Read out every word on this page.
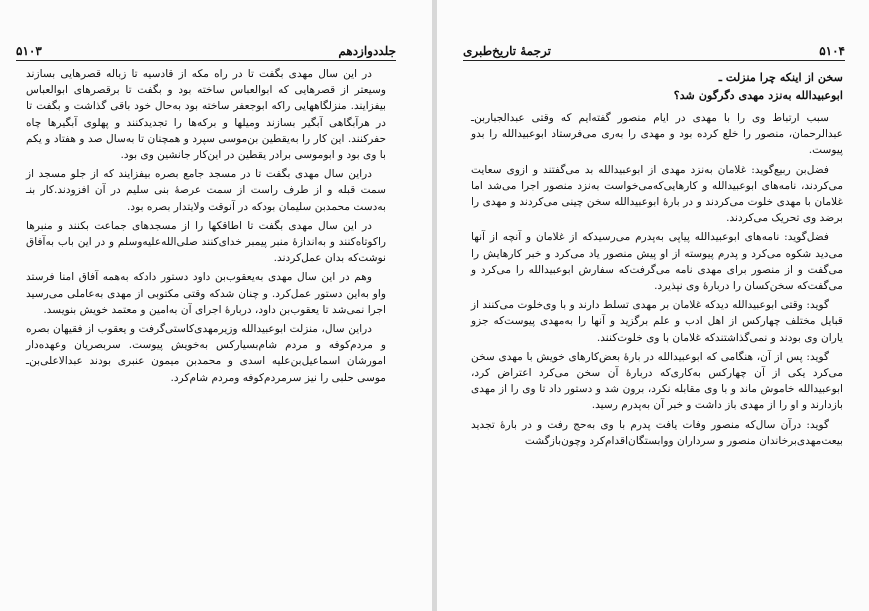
جلددوازدهم
۵۱۰۳

در این سال مهدی بگفت تا در راه مکه از قادسیه تا زباله قصرهایی بسازند وسیعتر از قصرهایی که ابوالعباس ساخته بود و بگفت تا برقصرهای ابوالعباس بیفزایند. منزلگاههایی راکه ابوجعفر ساخته بود به‌حال خود باقی گذاشت و بگفت تا در هرآبگاهی آبگیر بسازند ومیلها و برکه‌ها را تجدیدکنند و پهلوی آبگیرها چاه حفرکنند. این کار را به‌یقطین بن‌موسی سپرد و همچنان تا به‌سال صد و هفتاد و یکم با وی بود و ابوموسی برادر یقطین در این‌کار جانشین وی بود.

دراین سال مهدی بگفت تا در مسجد جامع بصره بیفزایند که از جلو مسجد از سمت قبله و از طرف راست از سمت عرصهٔ بنی سلیم در آن افزودند.کار بنـ به‌دست محمدبن سلیمان بودکه در آنوقت ولایتدار بصره بود.

در این سال مهدی بگفت تا اطاقکها را از مسجدهای جماعت بکنند و منبرها راکوتاه‌کنند و به‌اندازهٔ منبر پیمبر خدای‌کنند صلی‌الله‌علیه‌وسلم و در این باب به‌آفاق نوشت‌که بدان عمل‌کردند.

وهم در این سال مهدی به‌یعقوب‌بن داود دستور دادکه به‌همه آفاق امنا فرستد واو به‌این دستور عمل‌کرد. و چنان شدکه وقتی مکتوبی از مهدی به‌عاملی می‌رسید اجرا نمی‌شد تا یعقوب‌بن داود، دربارهٔ اجرای آن به‌امین و معتمد خویش بنویسد.

دراین سال، منزلت ابوعبیدالله وزیرمهدی‌کاستی‌گرفت و یعقوب از فقیهان بصره و مردم‌کوفه و مردم شام‌بسیارکس به‌خویش پیوست. سربصریان وعهده‌دار امورشان اسماعیل‌بن‌علیه اسدی و محمدبن میمون عنبری بودند عبدالاعلی‌بن‌ـ موسی حلبی را نیز سرمردم‌کوفه ومردم شام‌کرد.

۵۱۰۴
ترجمهٔ تاریخ‌طبری
سخن از اینکه چرا منزلت ـ
ابوعبیدالله به‌نزد مهدی دگرگون شد؟

سبب ارتباط وی را با مهدی در ایام منصور گفته‌ایم که وقتی عبدالجباربن‌ـ عبدالرحمان، منصور را خلع کرده بود و مهدی را به‌ری می‌فرستاد ابوعبیدالله را بدو پیوست.

فضل‌بن ربیع‌گوید: غلامان به‌نزد مهدی از ابوعبیدالله بد می‌گفتند و ازوی سعایت می‌کردند، نامه‌های ابوعبیدالله و کارهایی‌که‌می‌خواست به‌نزد منصور اجرا می‌شد اما غلامان با مهدی خلوت می‌کردند و در بارهٔ ابوعبیدالله سخن چینی می‌کردند و مهدی را برضد وی تحریک می‌کردند.

فضل‌گوید: نامه‌های ابوعبیدالله پیاپی به‌پدرم می‌رسیدکه از غلامان و آنچه از آنها می‌دید شکوه می‌کرد و پدرم پیوسته از او پیش منصور یاد می‌کرد و خبر کارهایش را می‌گفت و از منصور برای مهدی نامه می‌گرفت‌که سفارش ابوعبیدالله را می‌کرد و می‌گفت‌که سخن‌کسان را دربارهٔ وی نپذیرد.

گوید: وقتی ابوعبیدالله دیدکه غلامان بر مهدی تسلط دارند و با وی‌خلوت می‌کنند از قبایل مختلف چهارکس از اهل ادب و علم برگزید و آنها را به‌مهدی پیوست‌که جزو یاران وی بودند و نمی‌گذاشتندکه غلامان با وی خلوت‌کنند.

گوید: پس از آن، هنگامی که ابوعبیدالله در بارهٔ بعض‌کارهای خویش با مهدی سخن می‌کرد یکی از آن چهارکس به‌کاری‌که دربارهٔ آن سخن می‌کرد اعتراض کرد، ابوعبیدالله خاموش ماند و با وی مقابله نکرد، برون شد و دستور داد تا وی را از مهدی بازدارند و او را از مهدی باز داشت و خبر آن به‌پدرم رسید.

گوید: درآن سال‌که منصور وفات یافت پدرم با وی به‌حج رفت و در بارهٔ تجدید بیعت‌مهدی‌برخاندان منصور و سرداران ووابستگان‌اقدام‌کرد وچون‌بازگشت
